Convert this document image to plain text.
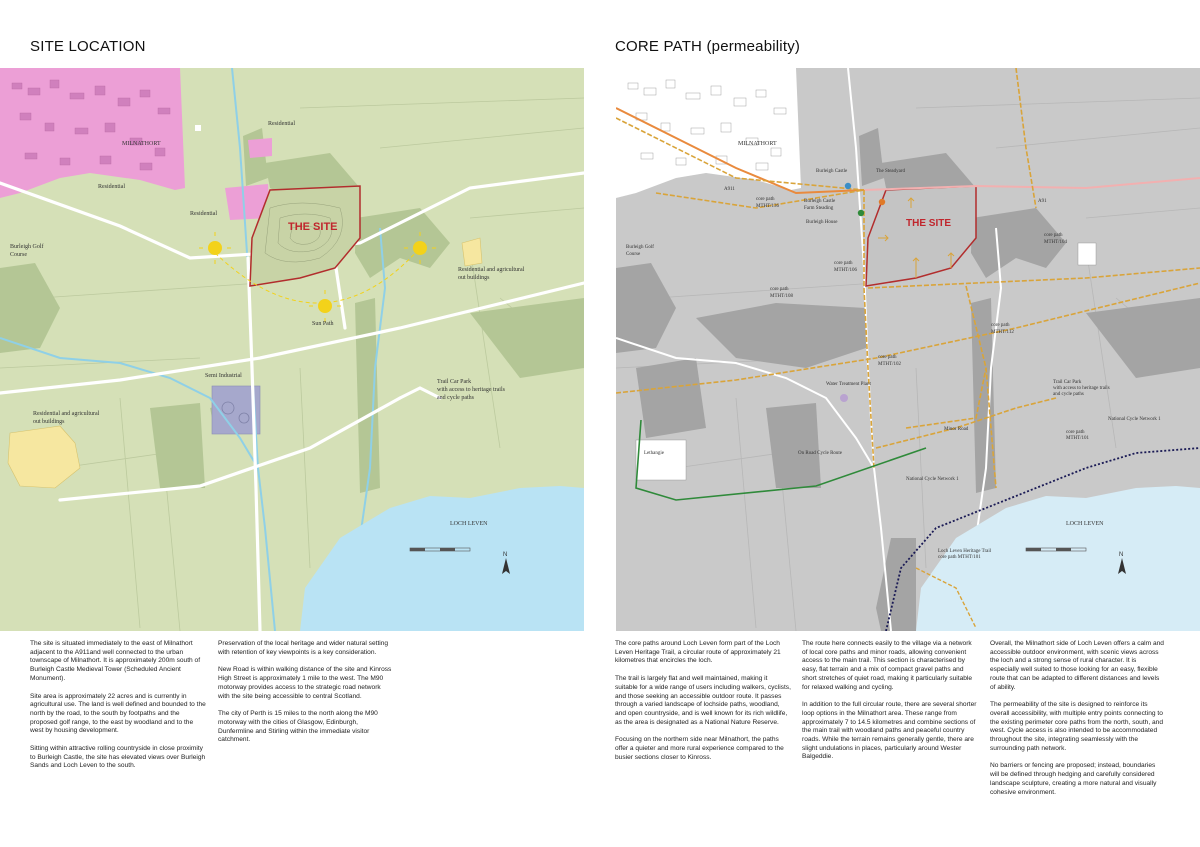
SITE LOCATION	CORE PATH (permeability)
MILNATHORT
Residential
Residential
Residential
THE SITE
Burleigh Golf
Course
Residential and agricultural
out buildings
Sun Path
Semi Industrial
Trail Car Park
with access to heritage trails
and cycle paths
Residential and agricultural
out buildings
LOCH LEVEN
N
MILNATHORT
Burleigh Castle	The Steadyard
A911
core path
MTHT/136
Burleigh Castle
Farm Steading
Burleigh House	THE SITE
A91
core path
MTHT/104
Burleigh Golf
Course
core path
MTHT/106
core path
MTHT/108
core path
MTHT/112
core path
MTHT/102
Water Treatment Plant	Trail Car Park
with access to heritage trails
and cycle paths
National Cycle Network 1
core path
MTHT/101
Lethangie	On Road Cycle Route
Minor Road
National Cycle Network 1
LOCH LEVEN
Loch Leven Heritage Trail
core path MTHT/101	N

The site is situated immediately to the east of Milnathort adjacent to the A911and well connected to the urban townscape of Milnathort. It is approximately 200m south of Burleigh Castle Medieval Tower (Scheduled Ancient Monument).

Site area is approximately 22 acres and is currently in agricultural use. The land is well defined and bounded to the north by the road, to the south by footpaths and the proposed golf range, to the east by woodland and to the west by housing development.

Sitting within attractive rolling countryside in close proximity to Burleigh Castle, the site has elevated views over Burleigh Sands and Loch Leven to the south.

Preservation of the local heritage and wider natural setting with retention of key viewpoints is a key consideration.

New Road is within walking distance of the site and Kinross High Street is approximately 1 mile to the west. The M90 motorway provides access to the strategic road network with the site being accessible to central Scotland.

The city of Perth is 15 miles to the north along the M90 motorway with the cities of Glasgow, Edinburgh, Dunfermline and Stirling within the immediate visitor catchment.

The core paths around Loch Leven form part of the Loch Leven Heritage Trail, a circular route of approximately 21 kilometres that encircles the loch.

The trail is largely flat and well maintained, making it suitable for a wide range of users including walkers, cyclists, and those seeking an accessible outdoor route. It passes through a varied landscape of lochside paths, woodland, and open countryside, and is well known for its rich wildlife, as the area is designated as a National Nature Reserve.

Focusing on the northern side near Milnathort, the paths offer a quieter and more rural experience compared to the busier sections closer to Kinross.

The route here connects easily to the village via a network of local core paths and minor roads, allowing convenient access to the main trail. This section is characterised by easy, flat terrain and a mix of compact gravel paths and short stretches of quiet road, making it particularly suitable for relaxed walking and cycling.

In addition to the full circular route, there are several shorter loop options in the Milnathort area. These range from approximately 7 to 14.5 kilometres and combine sections of the main trail with woodland paths and peaceful country roads. While the terrain remains generally gentle, there are slight undulations in places, particularly around Wester Balgeddie.

Overall, the Milnathort side of Loch Leven offers a calm and accessible outdoor environment, with scenic views across the loch and a strong sense of rural character. It is especially well suited to those looking for an easy, flexible route that can be adapted to different distances and levels of ability.

The permeability of the site is designed to reinforce its overall accessibility, with multiple entry points connecting to the existing perimeter core paths from the north, south, and west. Cycle access is also intended to be accommodated throughout the site, integrating seamlessly with the surrounding path network.

No barriers or fencing are proposed; instead, boundaries will be defined through hedging and carefully considered landscape sculpture, creating a more natural and visually cohesive environment.
